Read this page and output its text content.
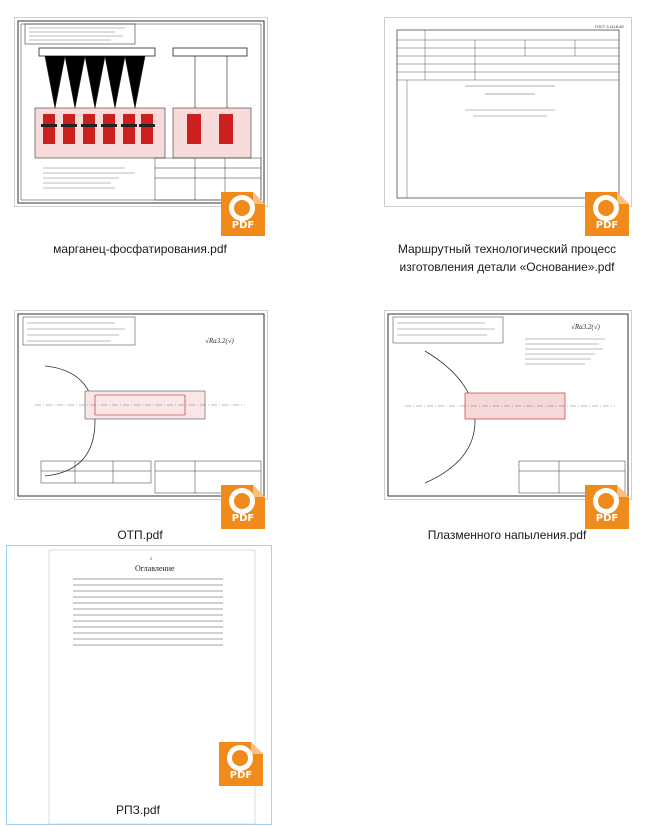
PDF
марганец-фосфатирования.pdf
ГОСТ 3.1118-82
PDF
Маршрутный технологический процесс изготовления детали «Основание».pdf
√Ra3.2(√)
PDF
ОТП.pdf
√Ra3.2(√)
PDF
Плазменного напыления.pdf
2
Оглавление
PDF
РПЗ.pdf
